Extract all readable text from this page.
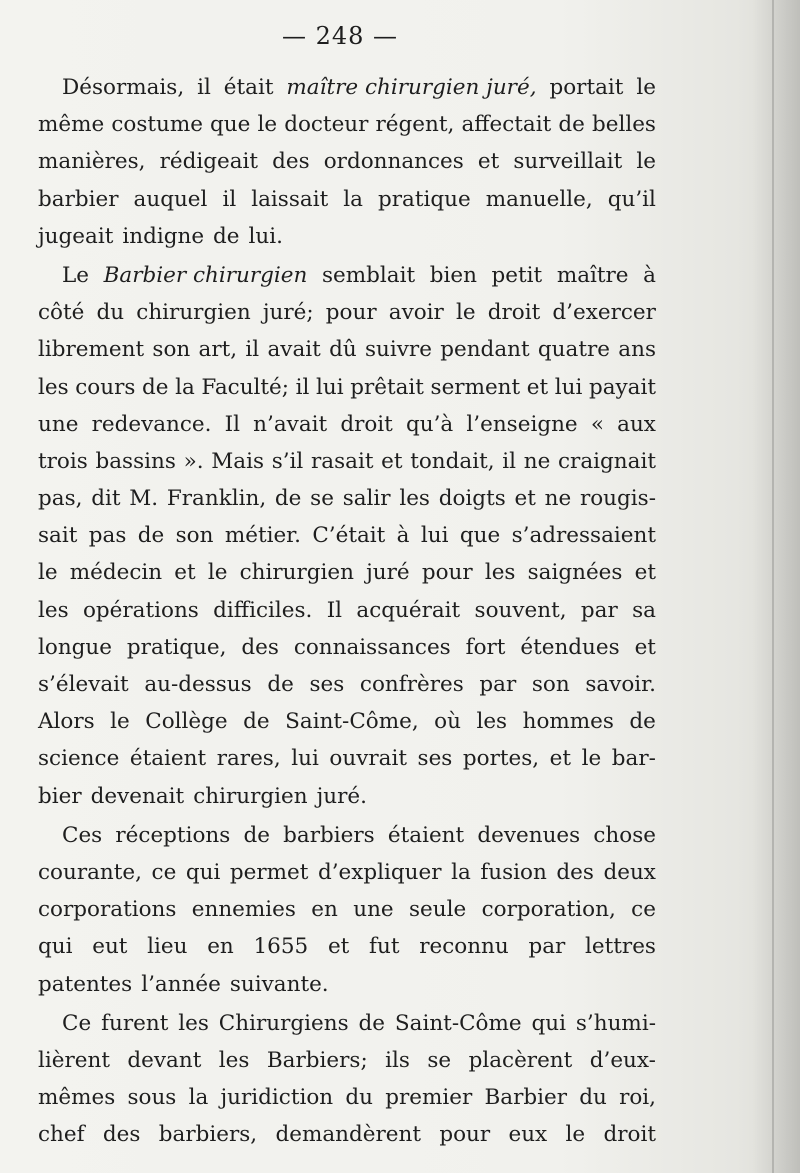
— 248 —
Désormais, il était maître chirurgien juré, portait le
même costume que le docteur régent, affectait de belles
manières, rédigeait des ordonnances et surveillait le
barbier auquel il laissait la pratique manuelle, qu’il
jugeait indigne de lui.
Le Barbier chirurgien semblait bien petit maître à
côté du chirurgien juré; pour avoir le droit d’exercer
librement son art, il avait dû suivre pendant quatre ans
les cours de la Faculté; il lui prêtait serment et lui payait
une redevance. Il n’avait droit qu’à l’enseigne « aux
trois bassins ». Mais s’il rasait et tondait, il ne craignait
pas, dit M. Franklin, de se salir les doigts et ne rougis-
sait pas de son métier. C’était à lui que s’adressaient
le médecin et le chirurgien juré pour les saignées et
les opérations difficiles. Il acquérait souvent, par sa
longue pratique, des connaissances fort étendues et
s’élevait au-dessus de ses confrères par son savoir.
Alors le Collège de Saint-Côme, où les hommes de
science étaient rares, lui ouvrait ses portes, et le bar-
bier devenait chirurgien juré.
Ces réceptions de barbiers étaient devenues chose
courante, ce qui permet d’expliquer la fusion des deux
corporations ennemies en une seule corporation, ce
qui eut lieu en 1655 et fut reconnu par lettres
patentes l’année suivante.
Ce furent les Chirurgiens de Saint-Côme qui s’humi-
lièrent devant les Barbiers; ils se placèrent d’eux-
mêmes sous la juridiction du premier Barbier du roi,
chef des barbiers, demandèrent pour eux le droit
